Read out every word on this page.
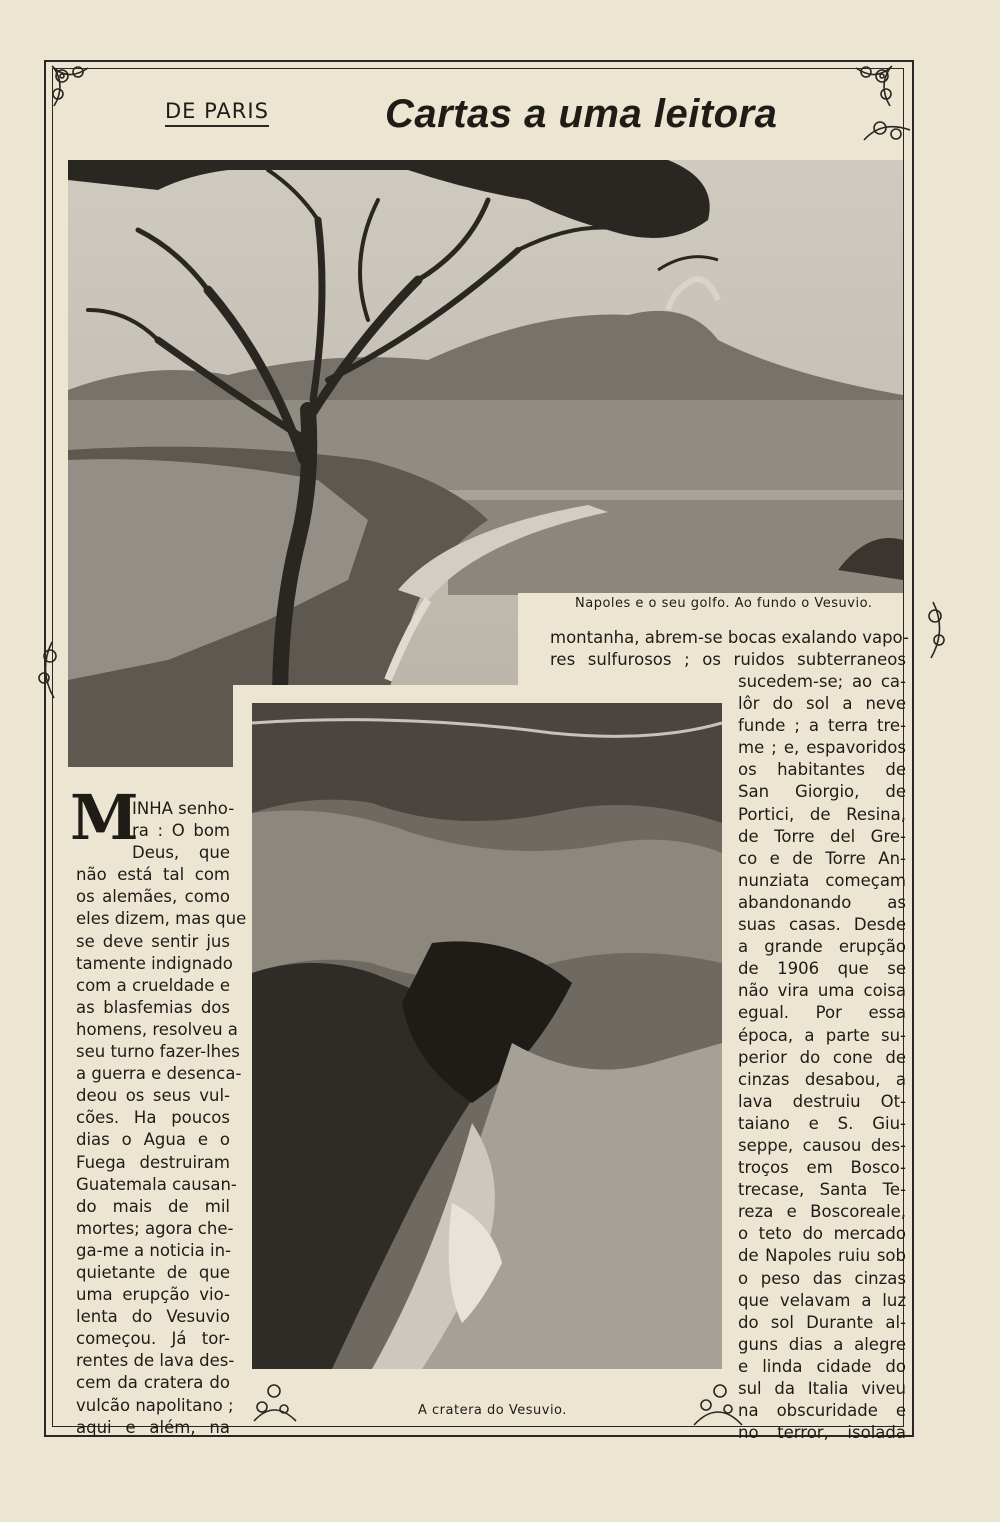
DE PARIS	Cartas a uma leitora
Napoles e o seu golfo. Ao fundo o Vesuvio.
A cratera do Vesuvio.
M
INHA senho-
ra : O bom
Deus, que
não está tal com
os alemães, como
eles dizem, mas que
se deve sentir jus
tamente indignado
com a crueldade e
as blasfemias dos
homens, resolveu a
seu turno fazer-lhes
a guerra e desenca-
deou os seus vul-
cões. Ha poucos
dias o Agua e o
Fuega destruiram
Guatemala causan-
do mais de mil
mortes; agora che-
ga-me a noticia in-
quietante de que
uma erupção vio-
lenta do Vesuvio
começou. Já tor-
rentes de lava des-
cem da cratera do
vulcão napolitano ;
aqui e além, na
montanha, abrem-se bocas exalando vapo-
res sulfurosos ; os ruidos subterraneos
sucedem-se; ao ca-
lôr do sol a neve
funde ; a terra tre-
me ; e, espavoridos
os habitantes de
San Giorgio, de
Portici, de Resina,
de Torre del Gre-
co e de Torre An-
nunziata começam
abandonando as
suas casas. Desde
a grande erupção
de 1906 que se
não vira uma coisa
egual. Por essa
época, a parte su-
perior do cone de
cinzas desabou, a
lava destruiu Ot-
taiano e S. Giu-
seppe, causou des-
troços em Bosco-
trecase, Santa Te-
reza e Boscoreale,
o teto do mercado
de Napoles ruiu sob
o peso das cinzas
que velavam a luz
do sol Durante al-
guns dias a alegre
e linda cidade do
sul da Italia viveu
na obscuridade e
no terror, isolada
